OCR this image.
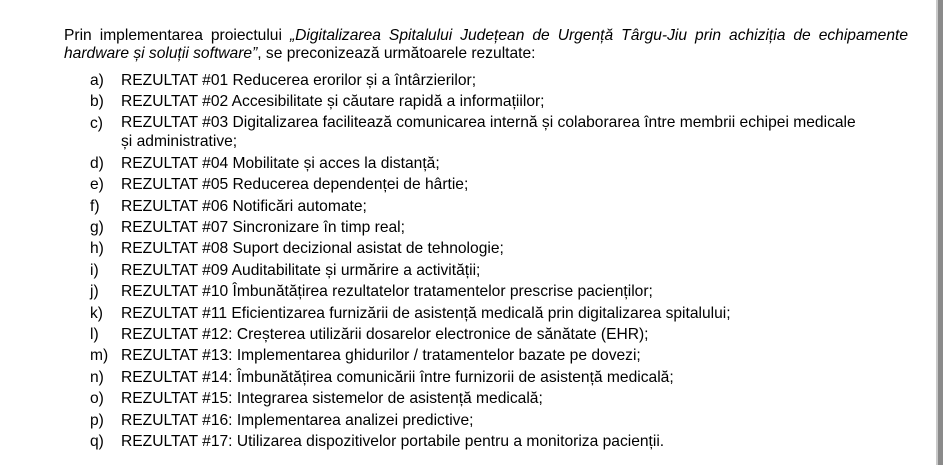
Prin implementarea proiectului „Digitalizarea Spitalului Județean de Urgență Târgu-Jiu prin achiziția de echipamente hardware și soluții software”, se preconizează următoarele rezultate:

a) REZULTAT #01 Reducerea erorilor și a întârzierilor;
b) REZULTAT #02 Accesibilitate și căutare rapidă a informațiilor;
c) REZULTAT #03 Digitalizarea facilitează comunicarea internă și colaborarea între membrii echipei medicale și administrative;
d) REZULTAT #04 Mobilitate și acces la distanță;
e) REZULTAT #05 Reducerea dependenței de hârtie;
f) REZULTAT #06 Notificări automate;
g) REZULTAT #07 Sincronizare în timp real;
h) REZULTAT #08 Suport decizional asistat de tehnologie;
i) REZULTAT #09 Auditabilitate și urmărire a activității;
j) REZULTAT #10 Îmbunătățirea rezultatelor tratamentelor prescrise pacienților;
k) REZULTAT #11 Eficientizarea furnizării de asistență medicală prin digitalizarea spitalului;
l) REZULTAT #12: Creșterea utilizării dosarelor electronice de sănătate (EHR);
m) REZULTAT #13: Implementarea ghidurilor / tratamentelor bazate pe dovezi;
n) REZULTAT #14: Îmbunătățirea comunicării între furnizorii de asistență medicală;
o) REZULTAT #15: Integrarea sistemelor de asistență medicală;
p) REZULTAT #16: Implementarea analizei predictive;
q) REZULTAT #17: Utilizarea dispozitivelor portabile pentru a monitoriza pacienții.
